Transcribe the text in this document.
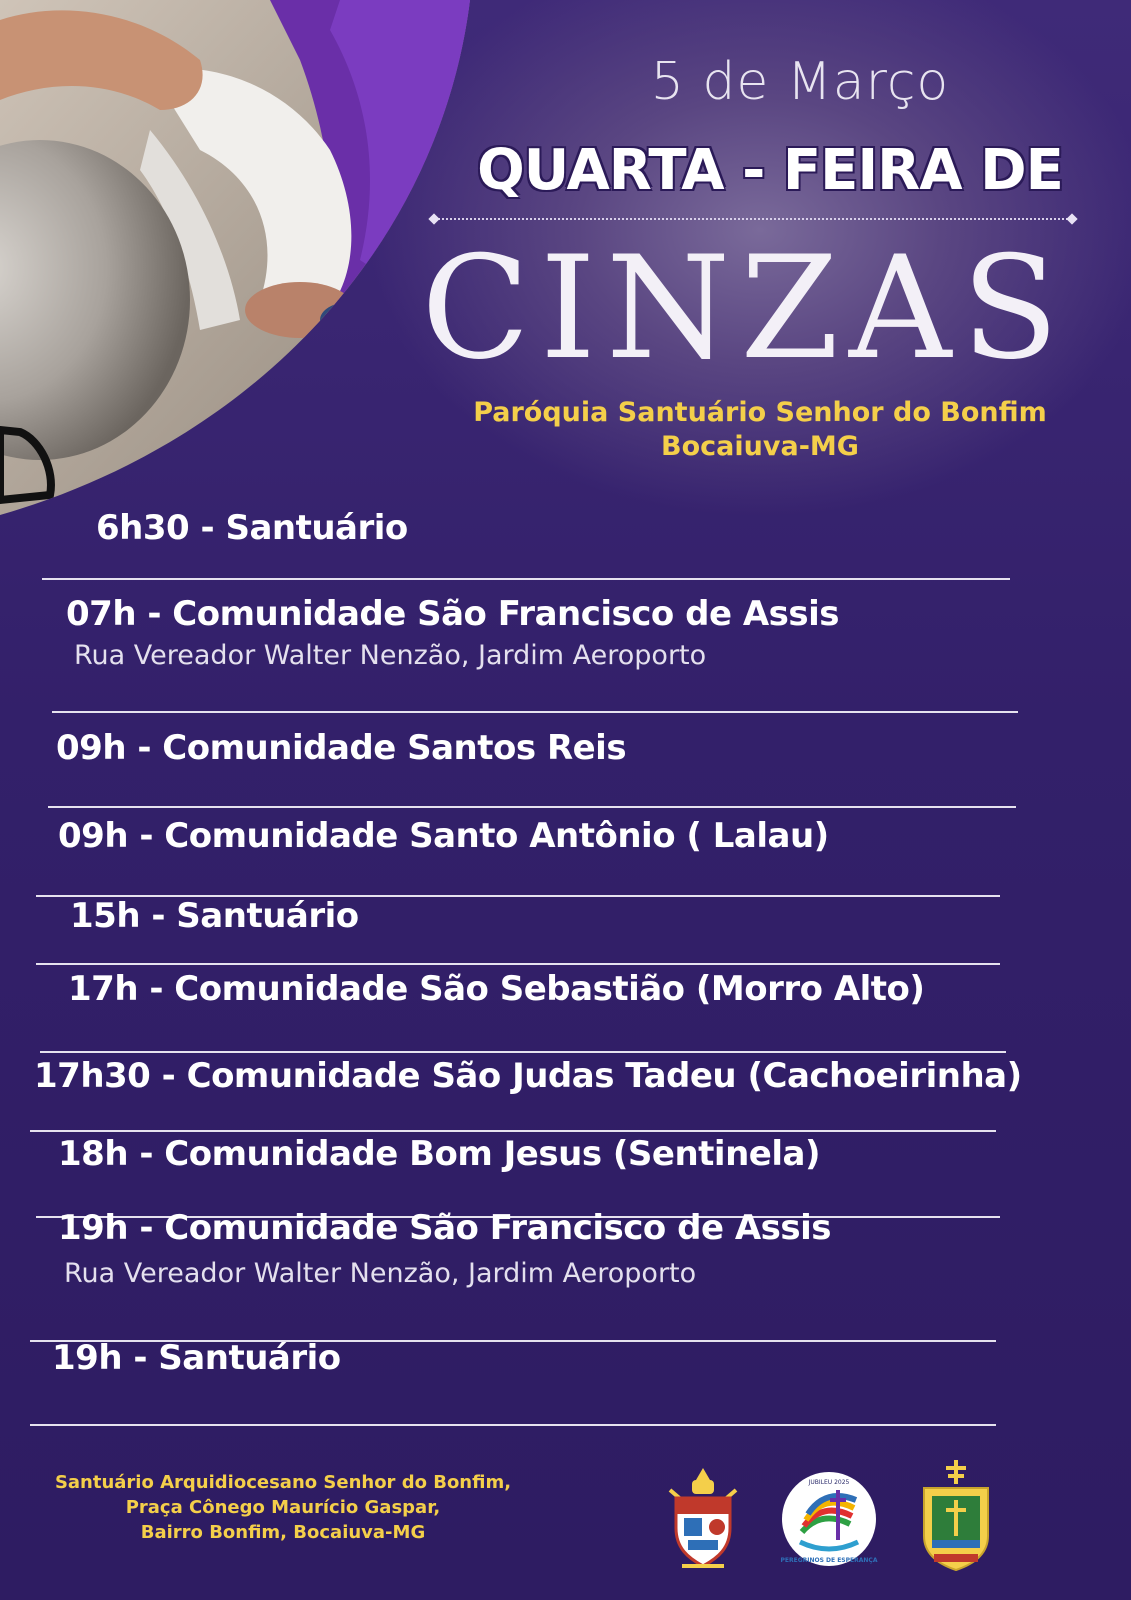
5 de Março
QUARTA - FEIRA DE
CINZAS
Paróquia Santuário Senhor do Bonfim
Bocaiuva-MG
6h30 - Santuário
07h - Comunidade São Francisco de Assis
Rua Vereador Walter Nenzão, Jardim Aeroporto
09h - Comunidade Santos Reis
09h - Comunidade Santo Antônio ( Lalau)
15h - Santuário
17h - Comunidade São Sebastião (Morro Alto)
17h30 - Comunidade São Judas Tadeu (Cachoeirinha)
18h - Comunidade Bom Jesus (Sentinela)
19h - Comunidade São Francisco de Assis
Rua Vereador Walter Nenzão, Jardim Aeroporto
19h - Santuário
Santuário Arquidiocesano Senhor do Bonfim,
Praça Cônego Maurício Gaspar,
Bairro Bonfim, Bocaiuva-MG
JUBILEU 2025
PEREGRINOS DE ESPERANÇA
